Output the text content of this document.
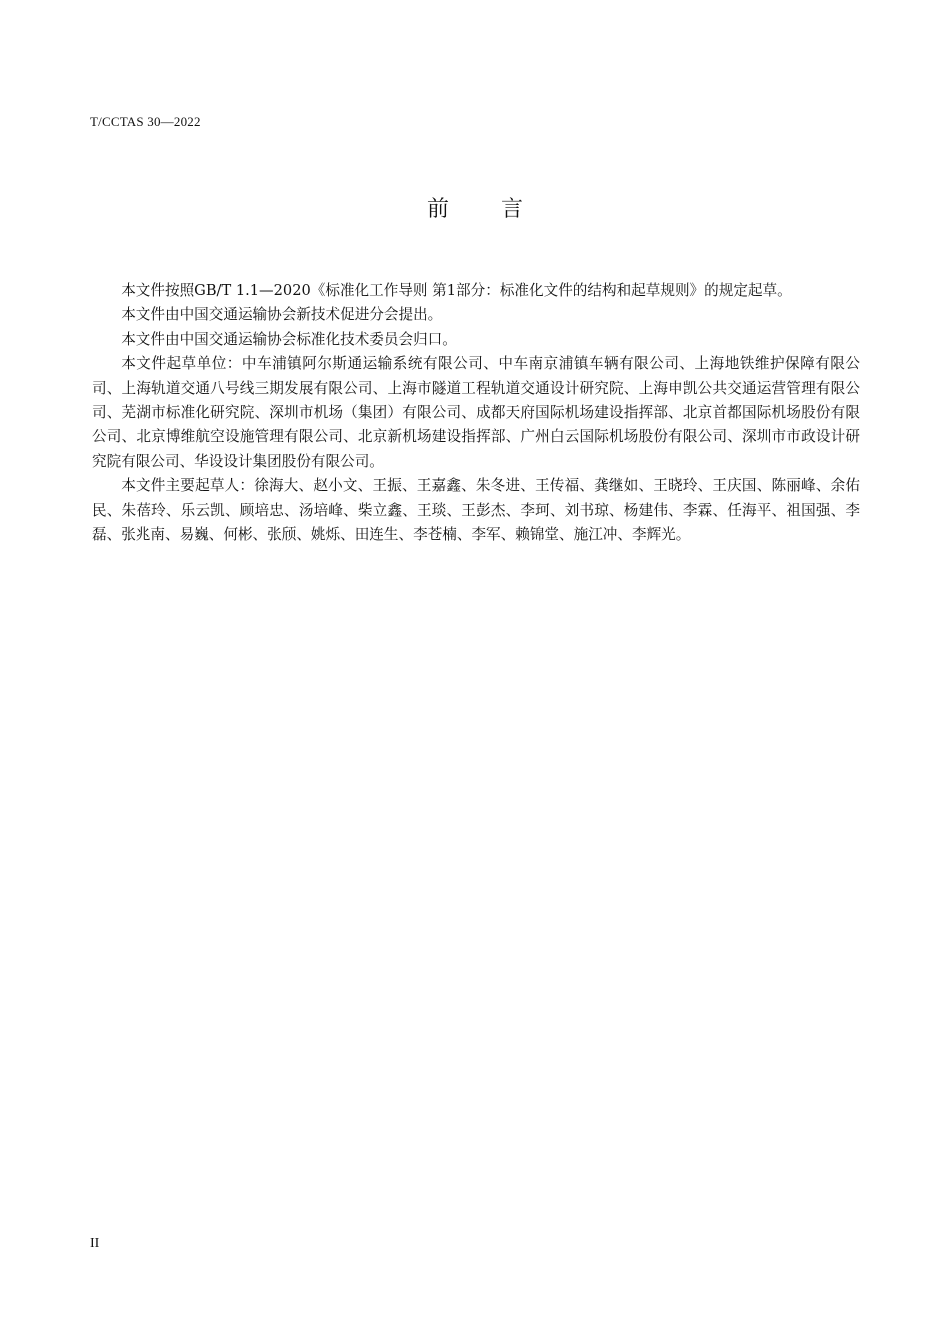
T/CCTAS 30—2022
前言

本文件按照GB/T 1.1—2020《标准化工作导则 第1部分：标准化文件的结构和起草规则》的规定起草。

本文件由中国交通运输协会新技术促进分会提出。

本文件由中国交通运输协会标准化技术委员会归口。

本文件起草单位：中车浦镇阿尔斯通运输系统有限公司、中车南京浦镇车辆有限公司、上海地铁维护保障有限公司、上海轨道交通八号线三期发展有限公司、上海市隧道工程轨道交通设计研究院、上海申凯公共交通运营管理有限公司、芜湖市标准化研究院、深圳市机场（集团）有限公司、成都天府国际机场建设指挥部、北京首都国际机场股份有限公司、北京博维航空设施管理有限公司、北京新机场建设指挥部、广州白云国际机场股份有限公司、深圳市市政设计研究院有限公司、华设设计集团股份有限公司。

本文件主要起草人：徐海大、赵小文、王振、王嘉鑫、朱冬进、王传福、龚继如、王晓玲、王庆国、陈丽峰、余佑民、朱蓓玲、乐云凯、顾培忠、汤培峰、柴立鑫、王琰、王彭杰、李珂、刘书琼、杨建伟、李霖、任海平、祖国强、李磊、张兆南、易巍、何彬、张颀、姚烁、田连生、李苍楠、李军、赖锦堂、施江冲、李辉光。

II
